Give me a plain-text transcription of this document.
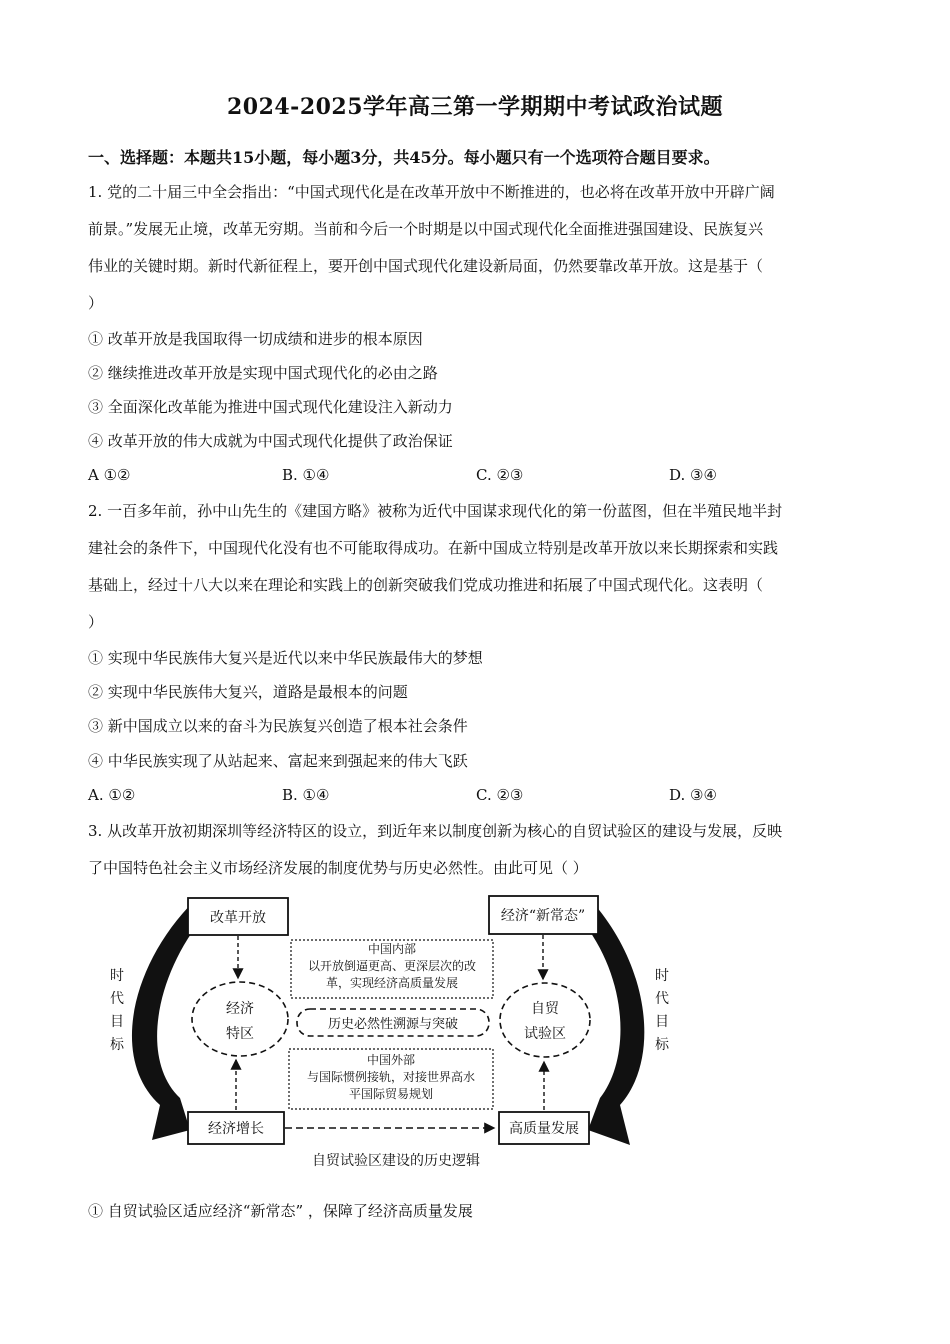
2024-2025学年高三第一学期期中考试政治试题
一、选择题：本题共15小题，每小题3分，共45分。每小题只有一个选项符合题目要求。
1. 党的二十届三中全会指出：“中国式现代化是在改革开放中不断推进的，也必将在改革开放中开辟广阔
前景。”发展无止境，改革无穷期。当前和今后一个时期是以中国式现代化全面推进强国建设、民族复兴
伟业的关键时期。新时代新征程上，要开创中国式现代化建设新局面，仍然要靠改革开放。这是基于（
）
① 改革开放是我国取得一切成绩和进步的根本原因
② 继续推进改革开放是实现中国式现代化的必由之路
③ 全面深化改革能为推进中国式现代化建设注入新动力
④ 改革开放的伟大成就为中国式现代化提供了政治保证
A ①②	B. ①④	C. ②③	D. ③④
2. 一百多年前，孙中山先生的《建国方略》被称为近代中国谋求现代化的第一份蓝图，但在半殖民地半封
建社会的条件下，中国现代化没有也不可能取得成功。在新中国成立特别是改革开放以来长期探索和实践
基础上，经过十八大以来在理论和实践上的创新突破我们党成功推进和拓展了中国式现代化。这表明（
）
① 实现中华民族伟大复兴是近代以来中华民族最伟大的梦想
② 实现中华民族伟大复兴，道路是最根本的问题
③ 新中国成立以来的奋斗为民族复兴创造了根本社会条件
④ 中华民族实现了从站起来、富起来到强起来的伟大飞跃
A. ①②	B. ①④	C. ②③	D. ③④
3. 从改革开放初期深圳等经济特区的设立，到近年来以制度创新为核心的自贸试验区的建设与发展，反映
了中国特色社会主义市场经济发展的制度优势与历史必然性。由此可见（ ）
改革开放	经济“新常态”
经济增长	高质量发展
经济
特区
自贸
试验区
中国内部
以开放倒逼更高、更深层次的改
革，实现经济高质量发展
历史必然性溯源与突破
中国外部
与国际惯例接轨，对接世界高水
平国际贸易规划
时
代
目
标
时
代
目
标
自贸试验区建设的历史逻辑
① 自贸试验区适应经济“新常态” ，保障了经济高质量发展
